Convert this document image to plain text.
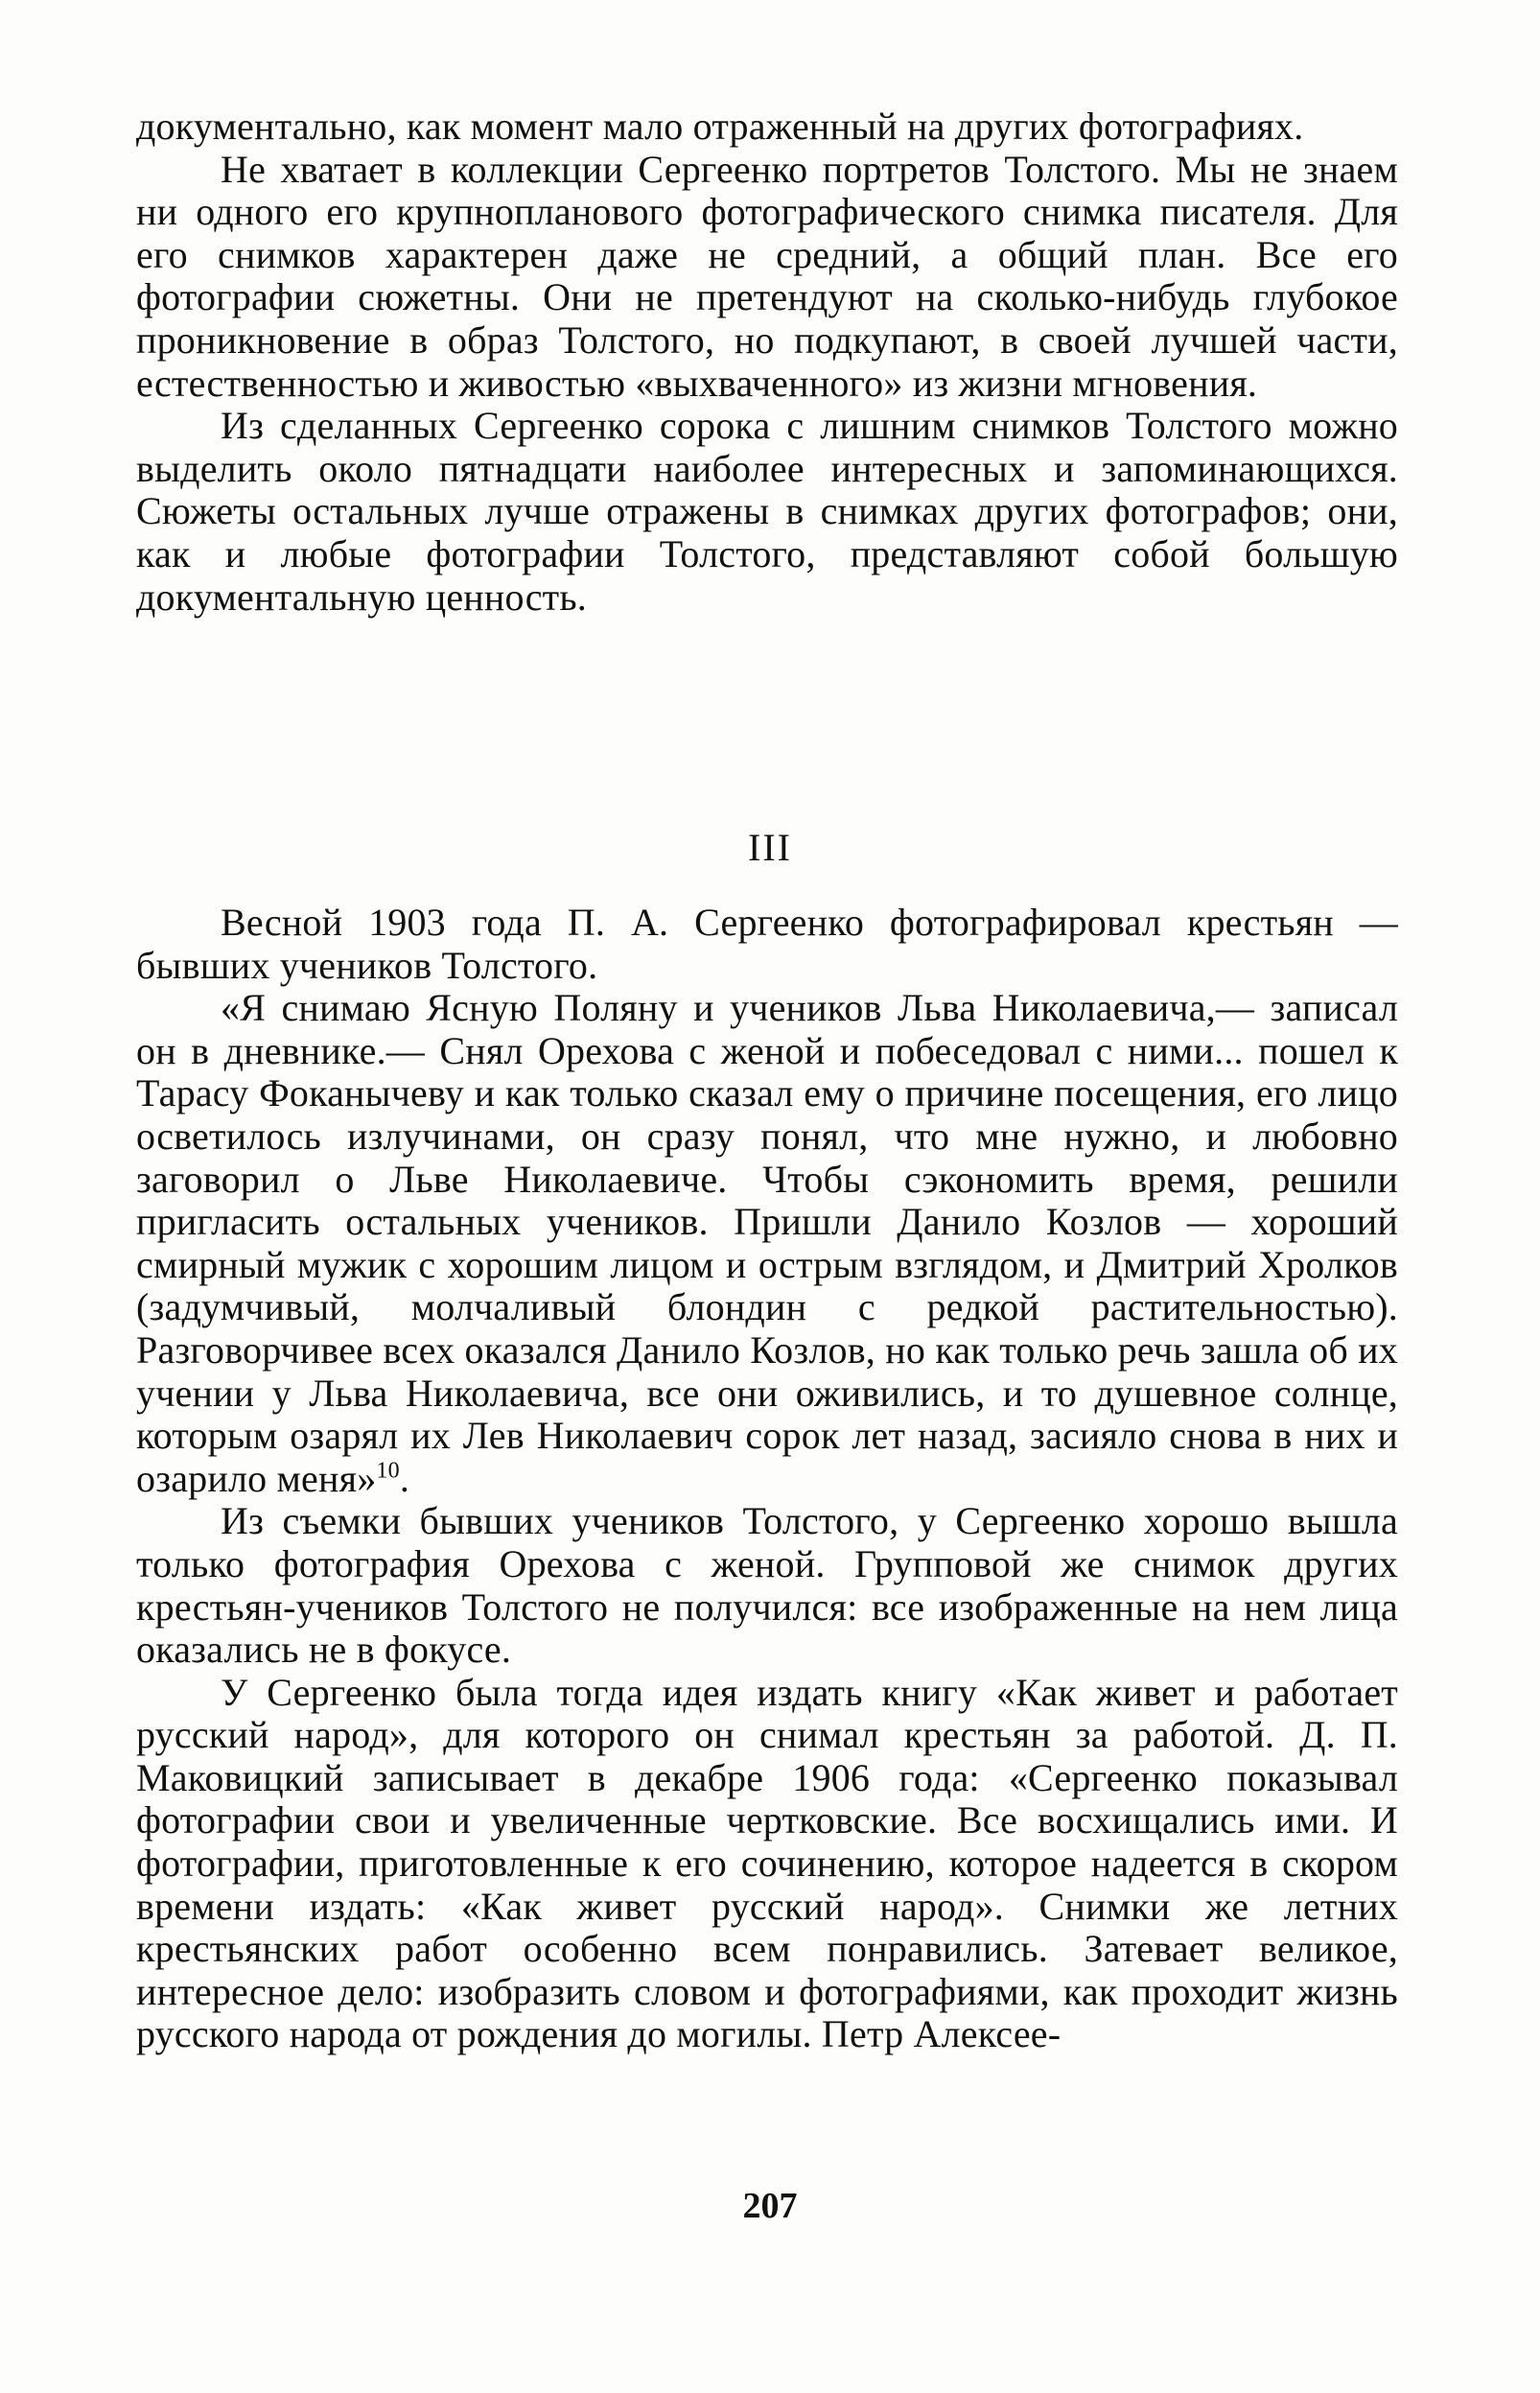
документально, как момент мало отраженный на других фотографиях.

Не хватает в коллекции Сергеенко портретов Толстого. Мы не знаем ни одного его крупнопланового фотографического снимка писателя. Для его снимков характерен даже не средний, а общий план. Все его фотографии сюжетны. Они не претендуют на сколько-нибудь глубокое проникновение в образ Толстого, но подкупают, в своей лучшей части, естественностью и живостью «выхваченного» из жизни мгновения.

Из сделанных Сергеенко сорока с лишним снимков Толстого можно выделить около пятнадцати наиболее интересных и запоминающихся. Сюжеты остальных лучше отражены в снимках других фотографов; они, как и любые фотографии Толстого, представляют собой большую документальную ценность.

III

Весной 1903 года П. А. Сергеенко фотографировал крестьян — бывших учеников Толстого.

«Я снимаю Ясную Поляну и учеников Льва Николаевича,— записал он в дневнике.— Снял Орехова с женой и побеседовал с ними... пошел к Тарасу Фоканычеву и как только сказал ему о причине посещения, его лицо осветилось излучинами, он сразу понял, что мне нужно, и любовно заговорил о Льве Николаевиче. Чтобы сэкономить время, решили пригласить остальных учеников. Пришли Данило Козлов — хороший смирный мужик с хорошим лицом и острым взглядом, и Дмитрий Хролков (задумчивый, молчаливый блондин с редкой растительностью). Разговорчивее всех оказался Данило Козлов, но как только речь зашла об их учении у Льва Николаевича, все они оживились, и то душевное солнце, которым озарял их Лев Николаевич сорок лет назад, засияло снова в них и озарило меня»$^{10}$.

Из съемки бывших учеников Толстого, у Сергеенко хорошо вышла только фотография Орехова с женой. Групповой же снимок других крестьян-учеников Толстого не получился: все изображенные на нем лица оказались не в фокусе.

У Сергеенко была тогда идея издать книгу «Как живет и работает русский народ», для которого он снимал крестьян за работой. Д. П. Маковицкий записывает в декабре 1906 года: «Сергеенко показывал фотографии свои и увеличенные чертковские. Все восхищались ими. И фотографии, приготовленные к его сочинению, которое надеется в скором времени издать: «Как живет русский народ». Снимки же летних крестьянских работ особенно всем понравились. Затевает великое, интересное дело: изобразить словом и фотографиями, как проходит жизнь русского народа от рождения до могилы. Петр Алексее-

207
